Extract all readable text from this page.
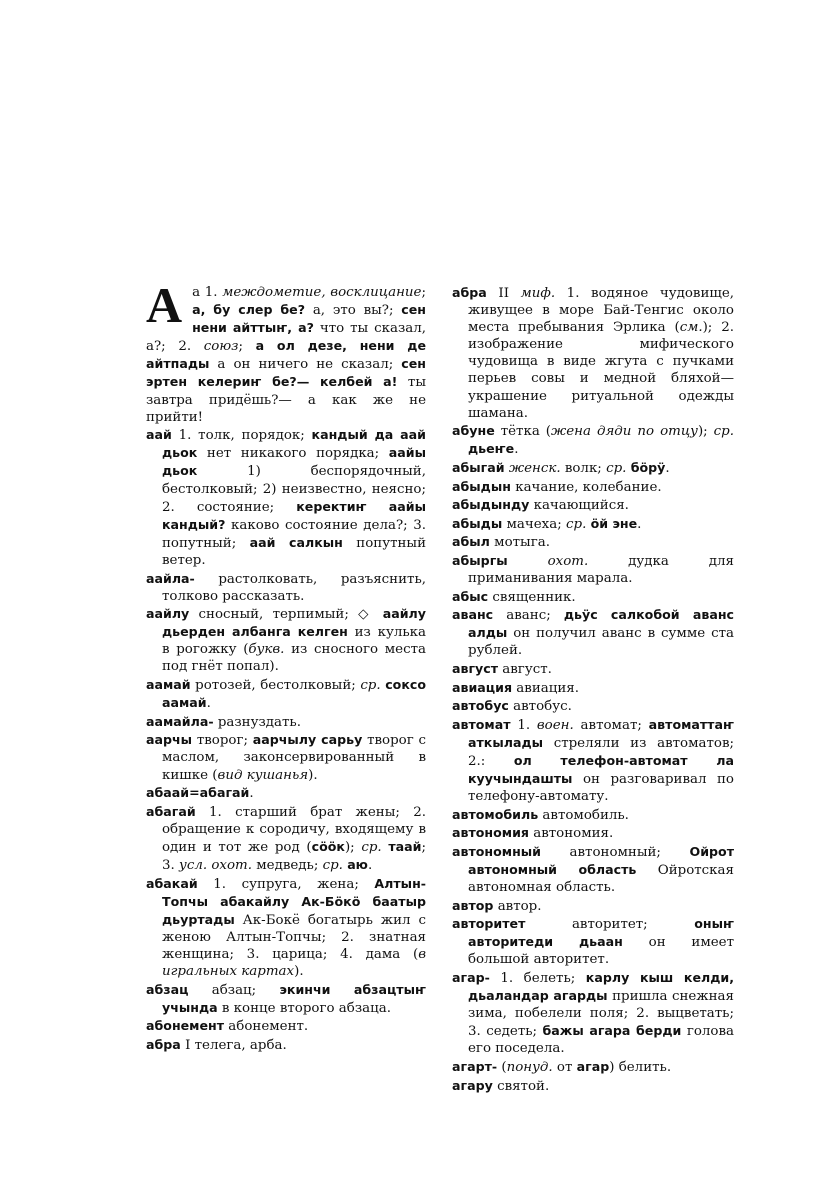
А а 1. междометие, восклицание; а, бу слер бе? а, это вы?; сен нени айттыҥ, а? что ты сказал, а?; 2. союз; а ол дезе, нени де айтпады а он ничего не сказал; сен эртен келериҥ бе?— келбей а! ты завтра придёшь?— а как же не прийти!
аай 1. толк, порядок; кандый да аай дьок нет никакого порядка; аайы дьок 1) беспорядочный, бестолковый; 2) неизвестно, неясно; 2. состояние; керектиҥ аайы кандый? каково состояние дела?; 3. попутный; аай салкын попутный ветер.
аайла- растолковать, разъяснить, толково рассказать.
аайлу сносный, терпимый; ◇ аайлу дьерден албанга келген из кулька в рогожку (букв. из сносного места под гнёт попал).
аамай ротозей, бестолковый; ср. соксо аамай.
аамайла- разнуздать.
аарчы творог; аарчылу сарьу творог с маслом, законсервированный в кишке (вид кушанья).
абаай=абагай.
абагай 1. старший брат жены; 2. обращение к сородичу, входящему в один и тот же род (сööк); ср. таай; 3. усл. охот. медведь; ср. аю.
абакай 1. супруга, жена; Алтын-Топчы абакайлу Ак-Бöкö баатыр дьуртады Ак-Бокё богатырь жил с женою Алтын-Топчы; 2. знатная женщина; 3. царица; 4. дама (в игральных картах).
абзац абзац; экинчи абзацтыҥ учында в конце второго абзаца.
абонемент абонемент.
абра I телега, арба.
абра II миф. 1. водяное чудовище, живущее в море Бай-Тенгис около места пребывания Эрлика (см.); 2. изображение мифического чудовища в виде жгута с пучками перьев совы и медной бляхой—украшение ритуальной одежды шамана.
абуне тётка (жена дяди по отцу); ср. дьеҥе.
абыгай женск. волк; ср. бöрÿ.
абыдын качание, колебание.
абыдынду качающийся.
абыды мачеха; ср. öй эне.
абыл мотыга.
абыргы	охот. дудка для приманивания марала.
абыс священник.
аванс аванс; дьÿс салкобой аванс алды он получил аванс в сумме ста рублей.
август август.
авиация авиация.
автобус автобус.
автомат 1. воен. автомат; автоматтаҥ аткылады стреляли из автоматов; 2.: ол телефон-автомат ла куучындашты он разговаривал по телефону-автомату.
автомобиль автомобиль.
автономия автономия.
автономный автономный; Ойрот автономный область Ойротская автономная область.
автор автор.
авторитет авторитет; оныҥ авторитеди дьаан он имеет большой авторитет.
агар- 1. белеть; карлу кыш келди, дьаландар агарды пришла снежная зима, побелели поля; 2. выцветать; 3. седеть; бажы агара берди голова его поседела.
агарт- (понуд. от агар) белить.
агару святой.
